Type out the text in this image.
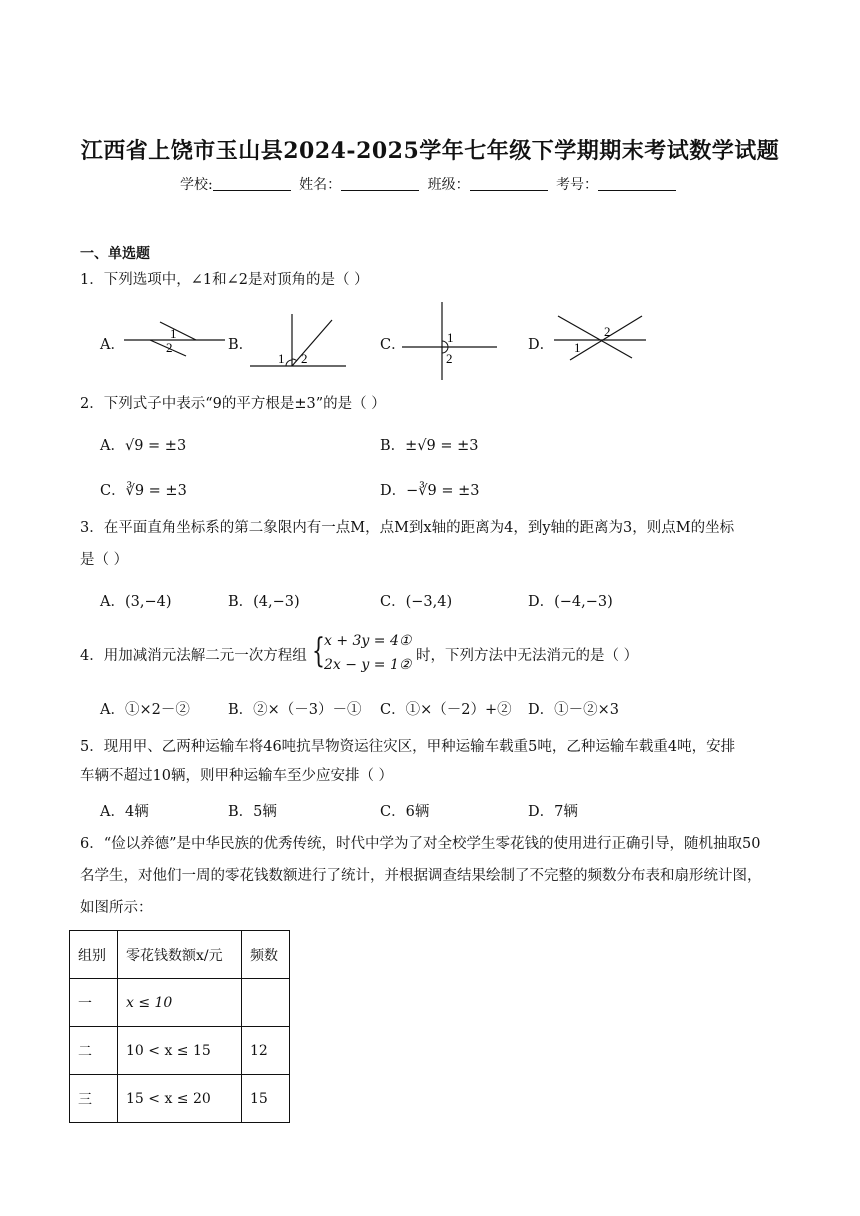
江西省上饶市玉山县2024-2025学年七年级下学期期末考试数学试题
学校:	姓名：	班级：	考号：
一、单选题
1．下列选项中，∠1和∠2是对顶角的是（ ）
A．	B．	C．	D．
1
2
1 2
1
2
2
1
2．下列式子中表示“9的平方根是±3”的是（ ）
A．√9 = ±3	B．±√9 = ±3
C．∛9 = ±3	D．−∛9 = ±3
3．在平面直角坐标系的第二象限内有一点M，点M到x轴的距离为4，到y轴的距离为3，则点M的坐标
是（ ）
A．(3,−4)	B．(4,−3)	C．(−3,4)	D．(−4,−3)
4．用加减消元法解二元一次方程组 { x + 3y = 4①
2x − y = 1②
时，下列方法中无法消元的是（ ）
A．①×2－②	B．②×（－3）－① C．①×（－2）+② D．①－②×3
5．现用甲、乙两种运输车将46吨抗旱物资运往灾区，甲种运输车载重5吨，乙种运输车载重4吨，安排
车辆不超过10辆，则甲种运输车至少应安排（ ）
A．4辆	B．5辆	C．6辆	D．7辆
6．“俭以养德”是中华民族的优秀传统，时代中学为了对全校学生零花钱的使用进行正确引导，随机抽取50
名学生，对他们一周的零花钱数额进行了统计，并根据调查结果绘制了不完整的频数分布表和扇形统计图，
如图所示：
组别	零花钱数额x/元	频数
一	x ≤ 10	
二	10 < x ≤ 15	12
三	15 < x ≤ 20	15
